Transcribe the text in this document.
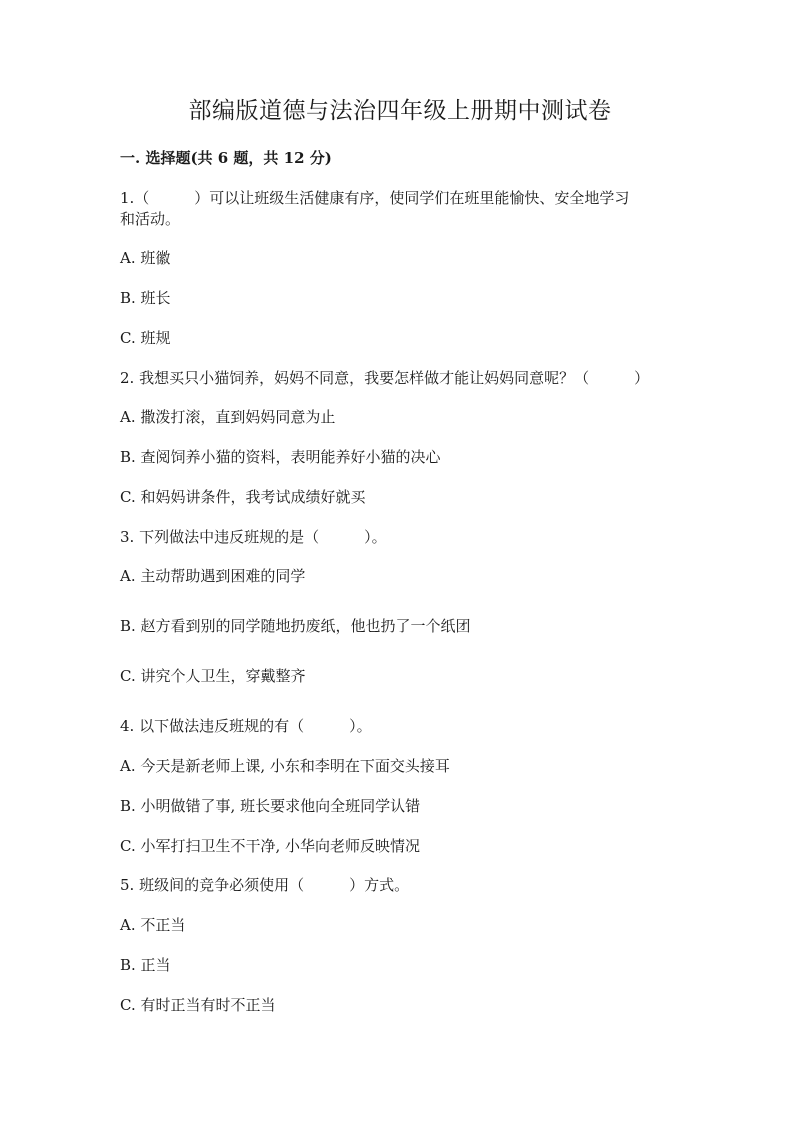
部编版道德与法治四年级上册期中测试卷
一. 选择题(共 6 题，共 12 分)
1.（　　　）可以让班级生活健康有序，使同学们在班里能愉快、安全地学习
和活动。
A. 班徽
B. 班长
C. 班规
2. 我想买只小猫饲养，妈妈不同意，我要怎样做才能让妈妈同意呢？（　　　）
A. 撒泼打滚，直到妈妈同意为止
B. 查阅饲养小猫的资料，表明能养好小猫的决心
C. 和妈妈讲条件，我考试成绩好就买
3. 下列做法中违反班规的是（　　　）。
A. 主动帮助遇到困难的同学
B. 赵方看到别的同学随地扔废纸，他也扔了一个纸团
C. 讲究个人卫生，穿戴整齐
4. 以下做法违反班规的有（　　　）。
A. 今天是新老师上课, 小东和李明在下面交头接耳
B. 小明做错了事, 班长要求他向全班同学认错
C. 小军打扫卫生不干净, 小华向老师反映情况
5. 班级间的竞争必须使用（　　　）方式。
A. 不正当
B. 正当
C. 有时正当有时不正当
